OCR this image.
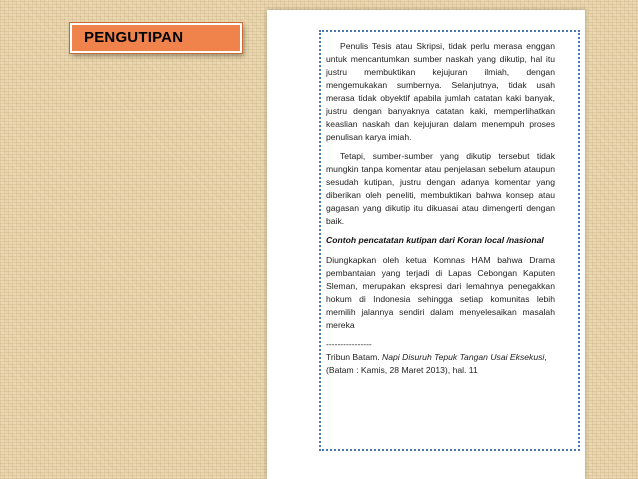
PENGUTIPAN	Penulis Tesis atau Skripsi, tidak perlu merasa enggan untuk mencantumkan sumber naskah yang dikutip, hal itu justru membuktikan kejujuran ilmiah, dengan mengemukakan sumbernya. Selanjutnya, tidak usah merasa tidak obyektif apabila jumlah catatan kaki banyak, justru dengan banyaknya catatan kaki, memperlihatkan keaslian naskah dan kejujuran dalam menempuh proses penulisan karya imiah.

Tetapi, sumber-sumber yang dikutip tersebut tidak mungkin tanpa komentar atau penjelasan sebelum ataupun sesudah kutipan, justru dengan adanya komentar yang diberikan oleh peneliti, membuktikan bahwa konsep atau gagasan yang dikutip itu dikuasai atau dimengerti dengan baik.

Contoh pencatatan kutipan dari Koran local /nasional

Diungkapkan oleh ketua Komnas HAM bahwa Drama pembantaian yang terjadi di Lapas Cebongan Kaputen Sleman, merupakan ekspresi dari lemahnya penegakkan hokum di Indonesia sehingga setiap komunitas lebih memilih jalannya sendiri dalam menyelesaikan masalah mereka

----------------

Tribun Batam. Napi Disuruh Tepuk Tangan Usai Eksekusi, (Batam : Kamis, 28 Maret 2013), hal. 11
